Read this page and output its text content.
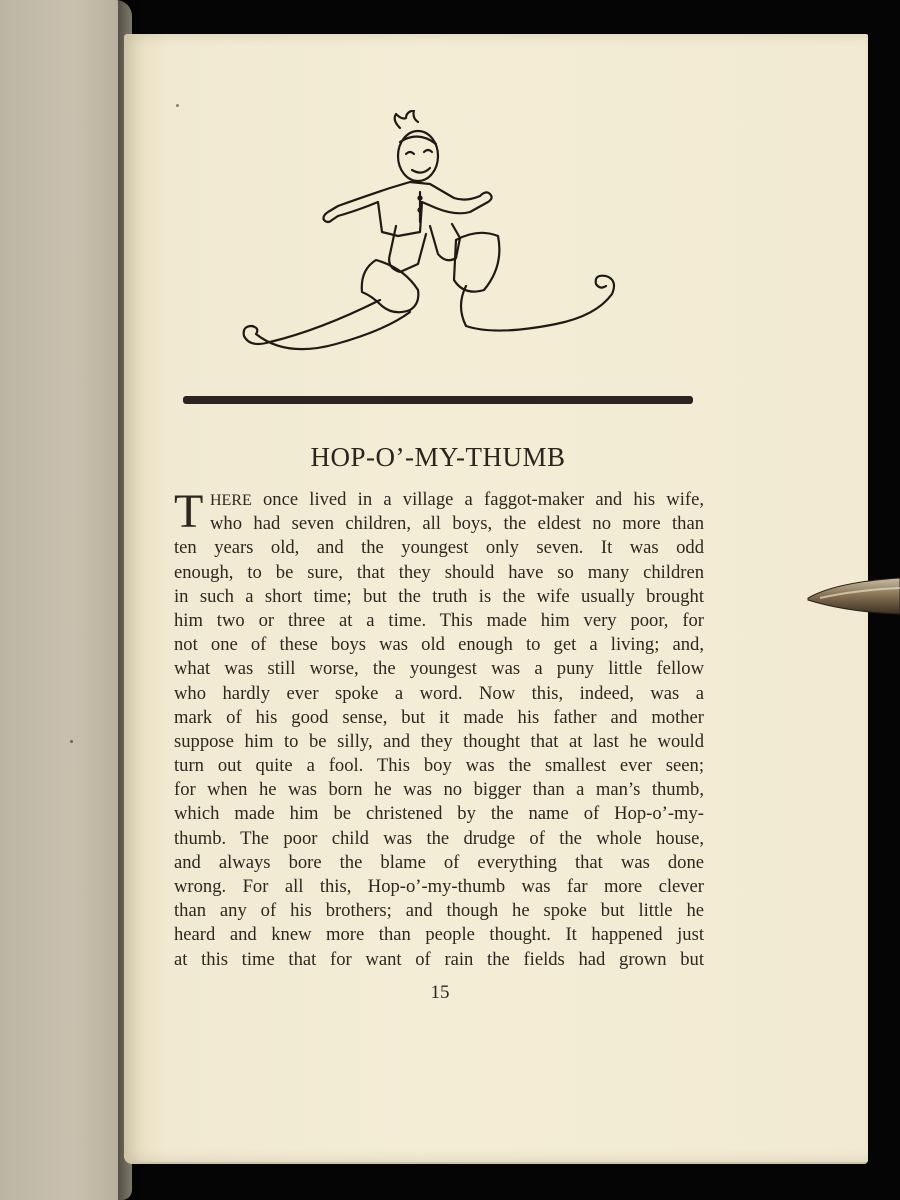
HOP-O’-MY-THUMB
T HERE once lived in a village a faggot-maker and his wife,
who had seven children, all boys, the eldest no more than
ten years old, and the youngest only seven. It was odd
enough, to be sure, that they should have so many children
in such a short time; but the truth is the wife usually brought
him two or three at a time. This made him very poor, for
not one of these boys was old enough to get a living; and,
what was still worse, the youngest was a puny little fellow
who hardly ever spoke a word. Now this, indeed, was a
mark of his good sense, but it made his father and mother
suppose him to be silly, and they thought that at last he would
turn out quite a fool. This boy was the smallest ever seen;
for when he was born he was no bigger than a man’s thumb,
which made him be christened by the name of Hop-o’-my-
thumb. The poor child was the drudge of the whole house,
and always bore the blame of everything that was done
wrong. For all this, Hop-o’-my-thumb was far more clever
than any of his brothers; and though he spoke but little he
heard and knew more than people thought. It happened just
at this time that for want of rain the fields had grown but
15
